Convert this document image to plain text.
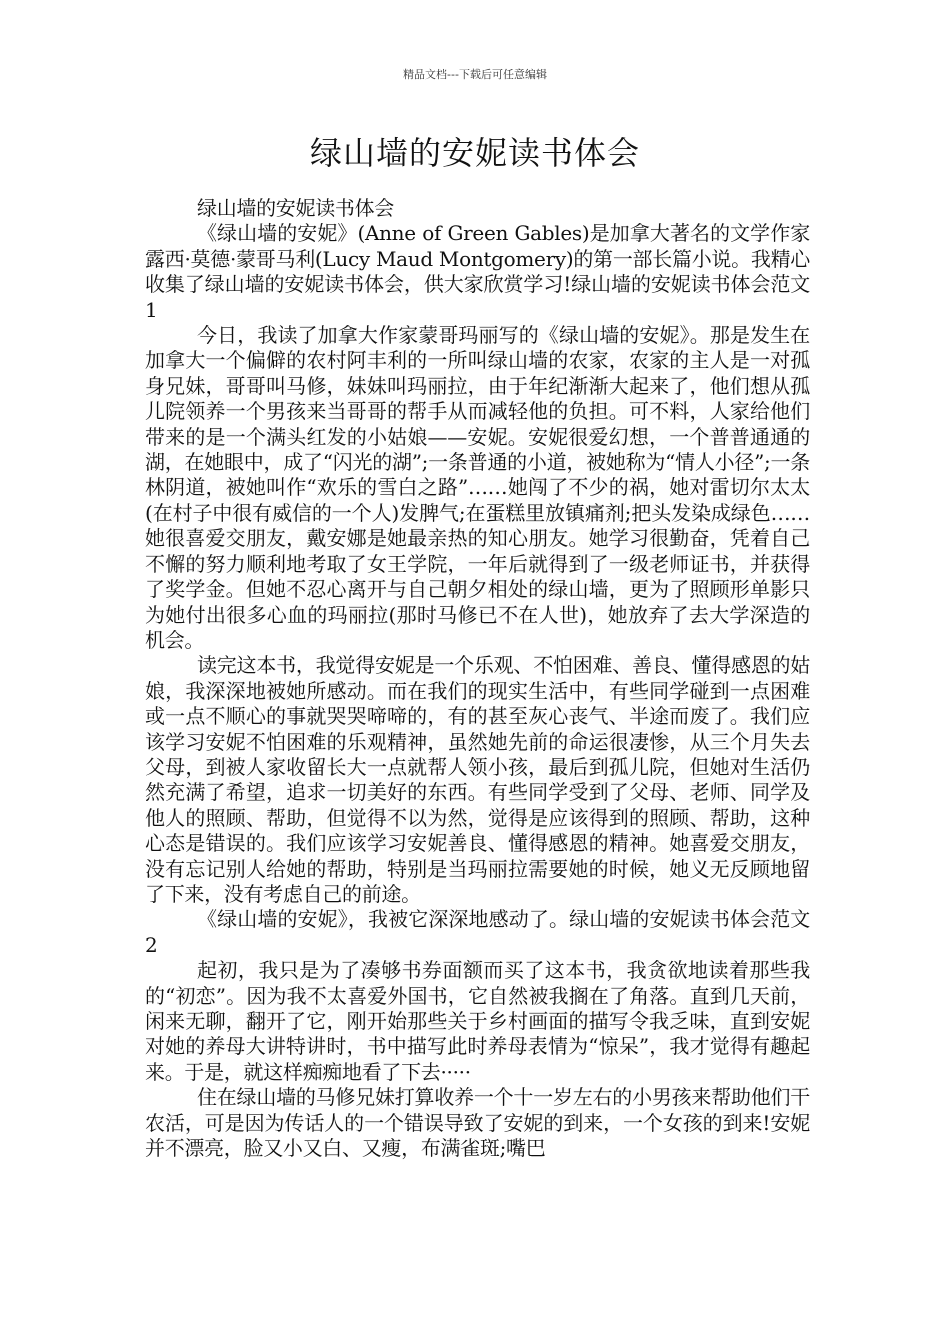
精品文档---下载后可任意编辑
绿山墙的安妮读书体会

绿山墙的安妮读书体会

《绿山墙的安妮》(Anne of Green Gables)是加拿大著名的文学作家露西·莫德·蒙哥马利(Lucy Maud Montgomery)的第一部长篇小说。我精心收集了绿山墙的安妮读书体会，供大家欣赏学习!绿山墙的安妮读书体会范文1

今日，我读了加拿大作家蒙哥玛丽写的《绿山墙的安妮》。那是发生在加拿大一个偏僻的农村阿丰利的一所叫绿山墙的农家，农家的主人是一对孤身兄妹，哥哥叫马修，妹妹叫玛丽拉，由于年纪渐渐大起来了，他们想从孤儿院领养一个男孩来当哥哥的帮手从而减轻他的负担。可不料，人家给他们带来的是一个满头红发的小姑娘——安妮。安妮很爱幻想，一个普普通通的湖，在她眼中，成了“闪光的湖”;一条普通的小道，被她称为“情人小径”;一条林阴道，被她叫作“欢乐的雪白之路”……她闯了不少的祸，她对雷切尔太太(在村子中很有威信的一个人)发脾气;在蛋糕里放镇痛剂;把头发染成绿色……她很喜爱交朋友，戴安娜是她最亲热的知心朋友。她学习很勤奋，凭着自己不懈的努力顺利地考取了女王学院，一年后就得到了一级老师证书，并获得了奖学金。但她不忍心离开与自己朝夕相处的绿山墙，更为了照顾形单影只为她付出很多心血的玛丽拉(那时马修已不在人世)，她放弃了去大学深造的机会。

读完这本书，我觉得安妮是一个乐观、不怕困难、善良、懂得感恩的姑娘，我深深地被她所感动。而在我们的现实生活中，有些同学碰到一点困难或一点不顺心的事就哭哭啼啼的，有的甚至灰心丧气、半途而废了。我们应该学习安妮不怕困难的乐观精神，虽然她先前的命运很凄惨，从三个月失去父母，到被人家收留长大一点就帮人领小孩，最后到孤儿院，但她对生活仍然充满了希望，追求一切美好的东西。有些同学受到了父母、老师、同学及他人的照顾、帮助，但觉得不以为然，觉得是应该得到的照顾、帮助，这种心态是错误的。我们应该学习安妮善良、懂得感恩的精神。她喜爱交朋友，没有忘记别人给她的帮助，特别是当玛丽拉需要她的时候，她义无反顾地留了下来，没有考虑自己的前途。

《绿山墙的安妮》，我被它深深地感动了。绿山墙的安妮读书体会范文2

起初，我只是为了凑够书券面额而买了这本书，我贪欲地读着那些我的“初恋”。因为我不太喜爱外国书，它自然被我搁在了角落。直到几天前，闲来无聊，翻开了它，刚开始那些关于乡村画面的描写令我乏味，直到安妮对她的养母大讲特讲时，书中描写此时养母表情为“惊呆”，我才觉得有趣起来。于是，就这样痴痴地看了下去·····

住在绿山墙的马修兄妹打算收养一个十一岁左右的小男孩来帮助他们干农活，可是因为传话人的一个错误导致了安妮的到来，一个女孩的到来!安妮并不漂亮，脸又小又白、又瘦，布满雀斑;嘴巴
